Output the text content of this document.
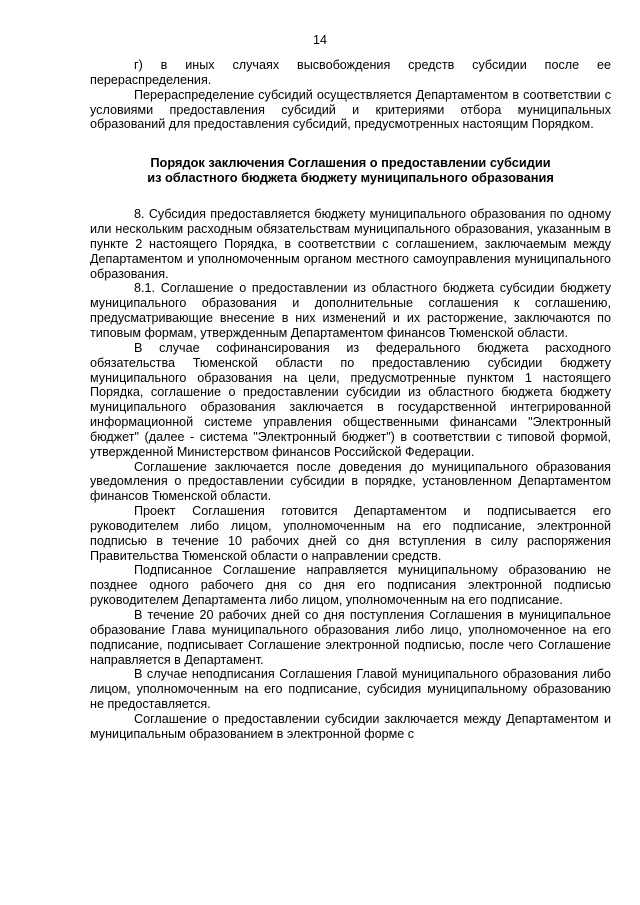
14

г) в иных случаях высвобождения средств субсидии после ее перераспределения.

Перераспределение субсидий осуществляется Департаментом в соответствии с условиями предоставления субсидий и критериями отбора муниципальных образований для предоставления субсидий, предусмотренных настоящим Порядком.

Порядок заключения Соглашения о предоставлении субсидии
из областного бюджета бюджету муниципального образования

8. Субсидия предоставляется бюджету муниципального образования по одному или нескольким расходным обязательствам муниципального образования, указанным в пункте 2 настоящего Порядка, в соответствии с соглашением, заключаемым между Департаментом и уполномоченным органом местного самоуправления муниципального образования.

8.1. Соглашение о предоставлении из областного бюджета субсидии бюджету муниципального образования и дополнительные соглашения к соглашению, предусматривающие внесение в них изменений и их расторжение, заключаются по типовым формам, утвержденным Департаментом финансов Тюменской области.

В случае софинансирования из федерального бюджета расходного обязательства Тюменской области по предоставлению субсидии бюджету муниципального образования на цели, предусмотренные пунктом 1 настоящего Порядка, соглашение о предоставлении субсидии из областного бюджета бюджету муниципального образования заключается в государственной интегрированной информационной системе управления общественными финансами "Электронный бюджет" (далее - система "Электронный бюджет") в соответствии с типовой формой, утвержденной Министерством финансов Российской Федерации.

Соглашение заключается после доведения до муниципального образования уведомления о предоставлении субсидии в порядке, установленном Департаментом финансов Тюменской области.

Проект Соглашения готовится Департаментом и подписывается его руководителем либо лицом, уполномоченным на его подписание, электронной подписью в течение 10 рабочих дней со дня вступления в силу распоряжения Правительства Тюменской области о направлении средств.

Подписанное Соглашение направляется муниципальному образованию не позднее одного рабочего дня со дня его подписания электронной подписью руководителем Департамента либо лицом, уполномоченным на его подписание.

В течение 20 рабочих дней со дня поступления Соглашения в муниципальное образование Глава муниципального образования либо лицо, уполномоченное на его подписание, подписывает Соглашение электронной подписью, после чего Соглашение направляется в Департамент.

В случае неподписания Соглашения Главой муниципального образования либо лицом, уполномоченным на его подписание, субсидия муниципальному образованию не предоставляется.

Соглашение о предоставлении субсидии заключается между Департаментом и муниципальным образованием в электронной форме с
